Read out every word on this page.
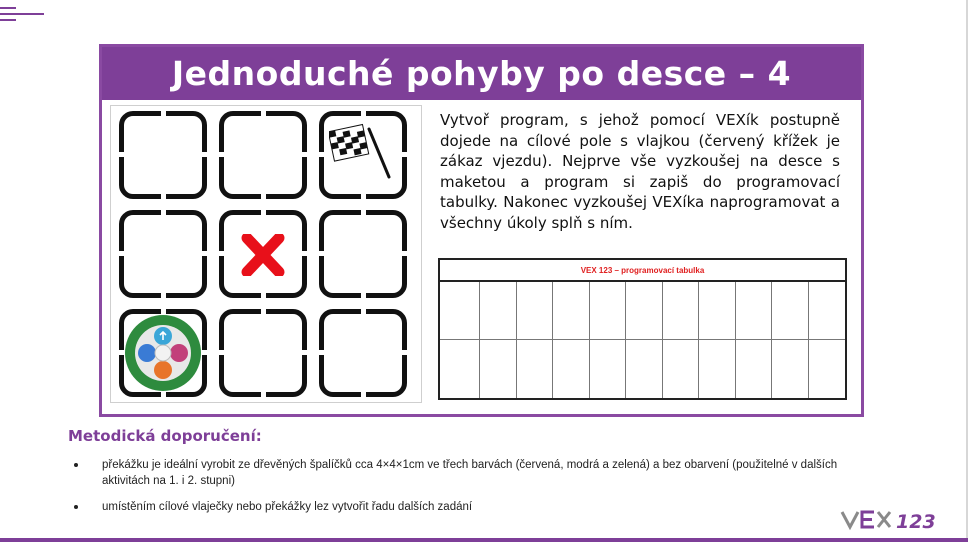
Jednoduché pohyby po desce – 4
Vytvoř program, s jehož pomocí VEXík postupně dojede na cílové pole s vlajkou (červený křížek je zákaz vjezdu). Nejprve vše vyzkoušej na desce s maketou a program si zapiš do programovací tabulky. Nakonec vyzkoušej VEXíka naprogramovat a všechny úkoly splň s ním.
VEX 123 – programovací tabulka
Metodická doporučení:
překážku je ideální vyrobit ze dřevěných špalíčků cca 4×4×1cm ve třech barvách (červená, modrá a zelená) a bez obarvení (použitelné v dalších aktivitách na 1. i 2. stupni)
umístěním cílové vlaječky nebo překážky lez vytvořit řadu dalších zadání
123
